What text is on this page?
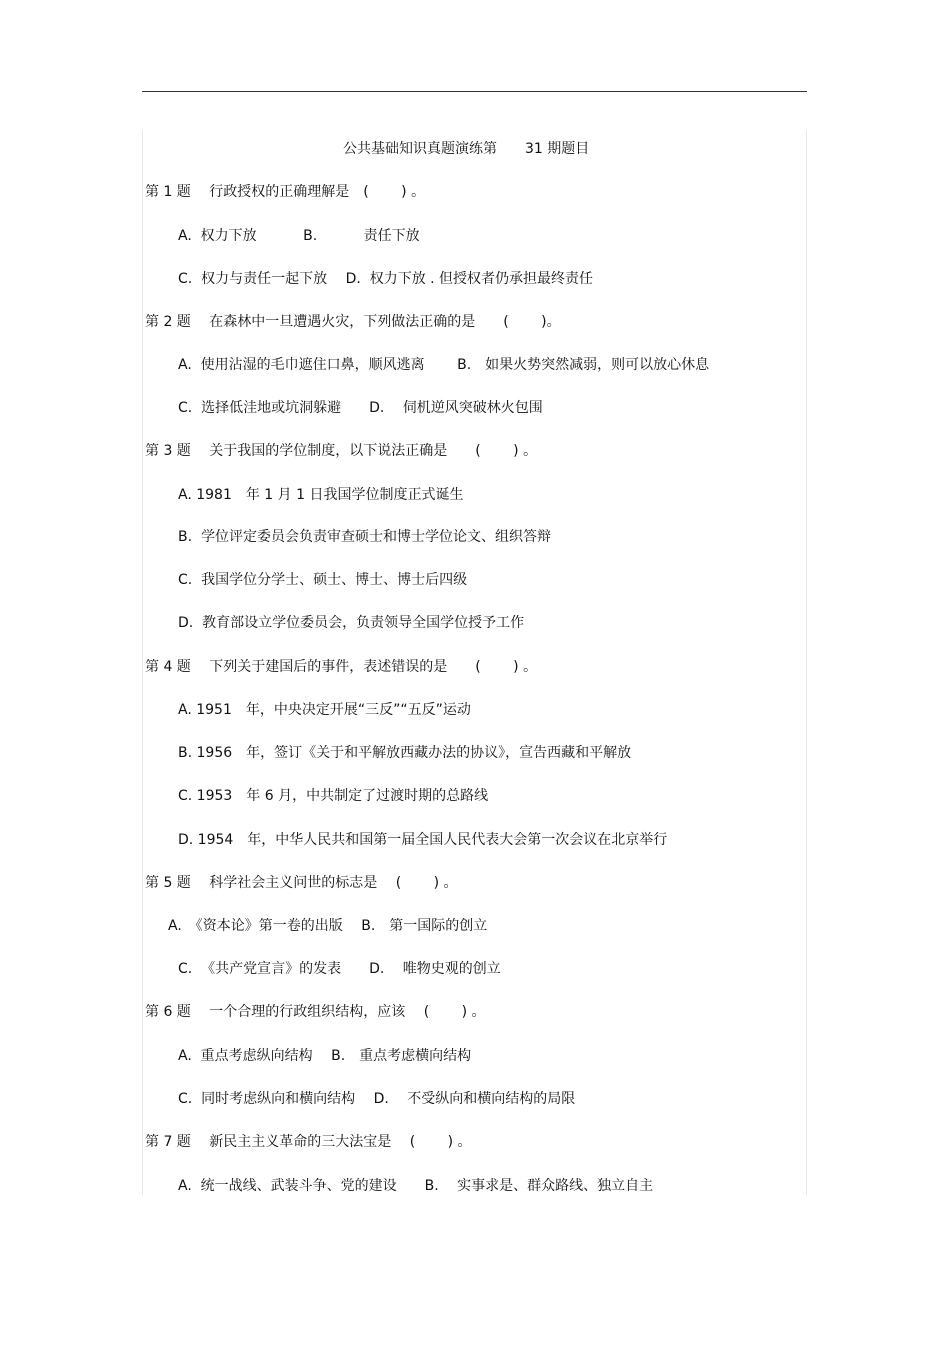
公共基础知识真题演练第　　31 期题目
第 1 题　 行政授权的正确理解是　(　　 ) 。
A.  权力下放　　　 B.　　　 责任下放
C.  权力与责任一起下放　 D.  权力下放 . 但授权者仍承担最终责任
第 2 题　 在森林中一旦遭遇火灾，下列做法正确的是　　(　　 )。
A.  使用沾湿的毛巾遮住口鼻，顺风逃离　　 B.　如果火势突然减弱，则可以放心休息
C.  选择低洼地或坑洞躲避　　D.　 伺机逆风突破林火包围
第 3 题　 关于我国的学位制度，以下说法正确是　　(　　 ) 。
A. 1981　年 1 月 1 日我国学位制度正式诞生
B.  学位评定委员会负责审查硕士和博士学位论文、组织答辩
C.  我国学位分学士、硕士、博士、博士后四级
D.  教育部设立学位委员会，负责领导全国学位授予工作
第 4 题　 下列关于建国后的事件，表述错误的是　　(　　 ) 。
A. 1951　年，中央决定开展“三反”“五反”运动
B. 1956　年，签订《关于和平解放西藏办法的协议》，宣告西藏和平解放
C. 1953　年 6 月，中共制定了过渡时期的总路线
D. 1954　年，中华人民共和国第一届全国人民代表大会第一次会议在北京举行
第 5 题　 科学社会主义问世的标志是　 (　　 ) 。
A.　《资本论》第一卷的出版　 B.　第一国际的创立
C.  《共产党宣言》的发表　　D.　 唯物史观的创立
第 6 题　 一个合理的行政组织结构，应该　 (　　 ) 。
A.  重点考虑纵向结构　 B.　重点考虑横向结构
C.  同时考虑纵向和横向结构　 D.　 不受纵向和横向结构的局限
第 7 题　 新民主主义革命的三大法宝是　 (　　 ) 。
A.  统一战线、武装斗争、党的建设　　B.　 实事求是、群众路线、独立自主
